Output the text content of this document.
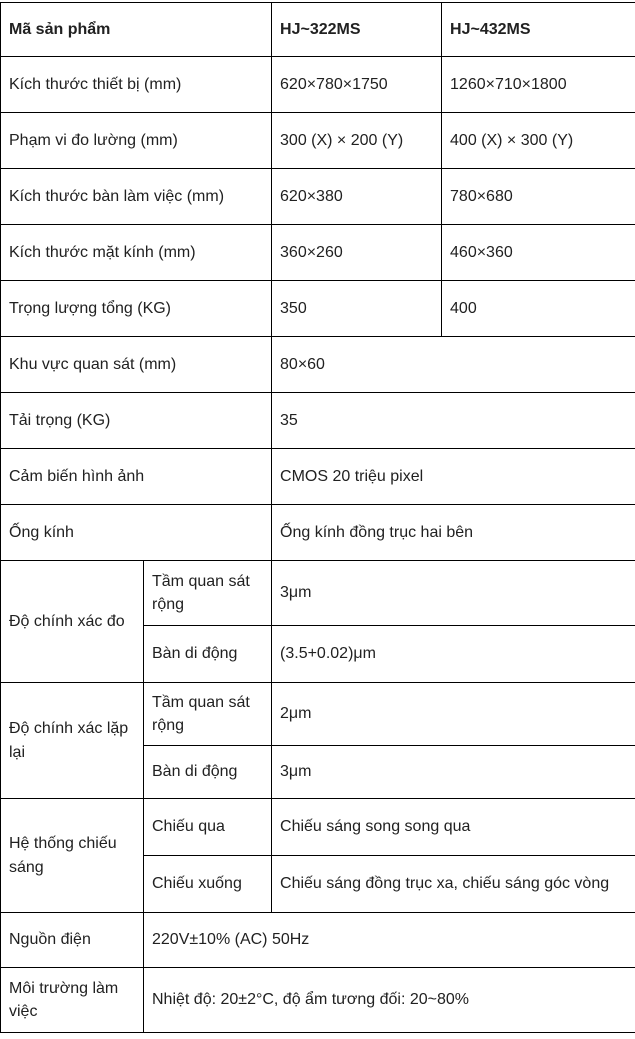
Mã sản phẩm		HJ~322MS	HJ~432MS
Kích thước thiết bị (mm)		620×780×1750	1260×710×1800
Phạm vi đo lường (mm)		300 (X) × 200 (Y)	400 (X) × 300 (Y)
Kích thước bàn làm việc (mm)		620×380	780×680
Kích thước mặt kính (mm)		360×260	460×360
Trọng lượng tổng (KG)		350	400
Khu vực quan sát (mm)		80×60	
Tải trọng (KG)		35	
Cảm biến hình ảnh		CMOS 20 triệu pixel	
Ống kính		Ống kính đồng trục hai bên	
Độ chính xác đo	Tầm quan sát rộng	3μm	
	Bàn di động	(3.5+0.02)μm	
Độ chính xác lặp lại	Tầm quan sát rộng	2μm	
	Bàn di động	3μm	
Hệ thống chiếu sáng	Chiếu qua	Chiếu sáng song song qua	
	Chiếu xuống	Chiếu sáng đồng trục xa, chiếu sáng góc vòng	
Nguồn điện	220V±10% (AC) 50Hz		
Môi trường làm việc	Nhiệt độ: 20±2°C, độ ẩm tương đối: 20~80%		
